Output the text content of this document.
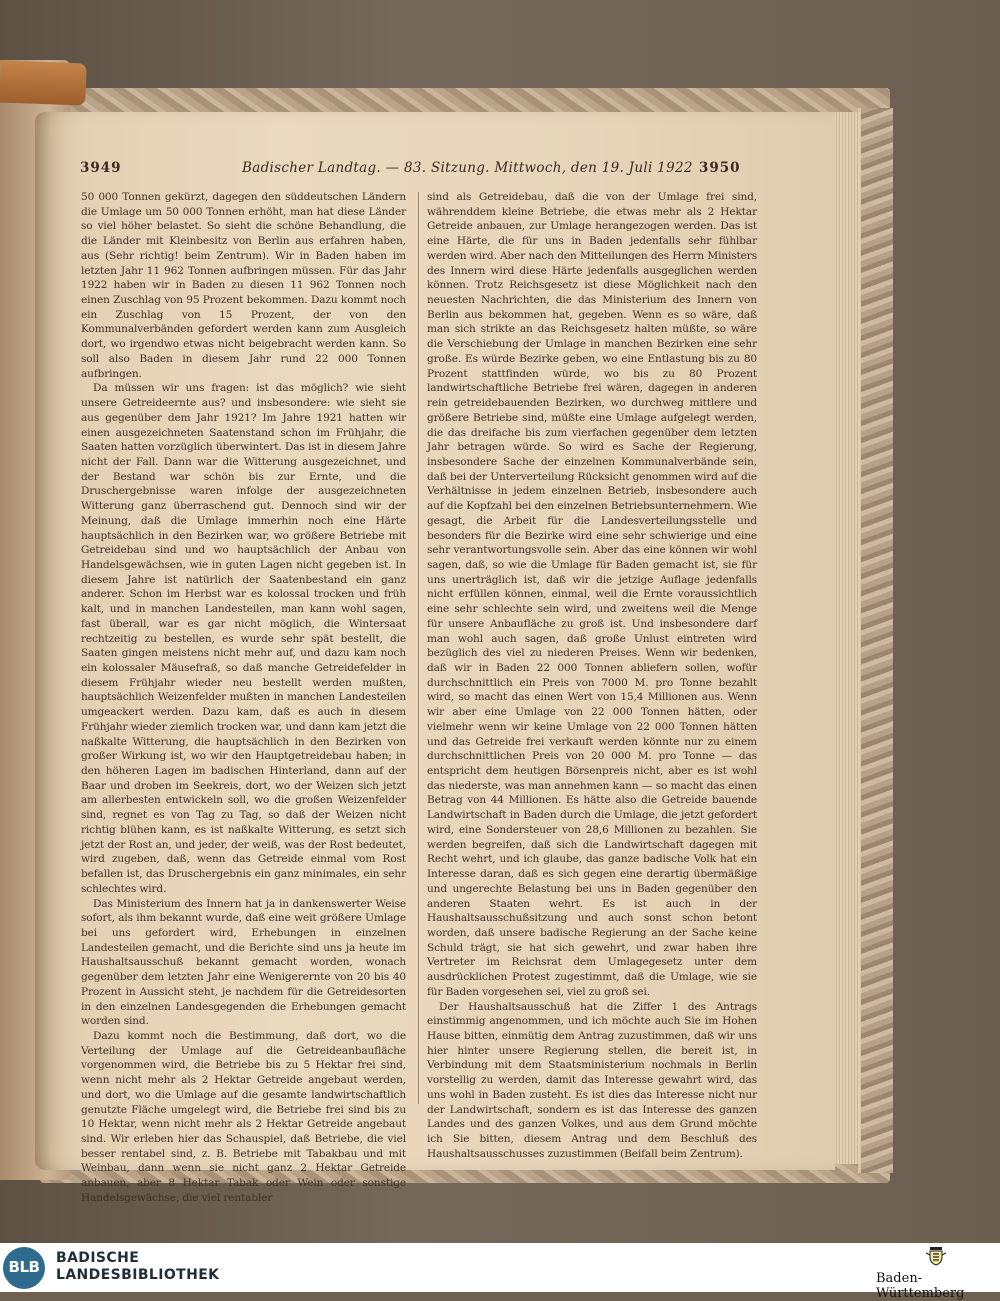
3949	Badischer Landtag. — 83. Sitzung. Mittwoch, den 19. Juli 1922 3950

50 000 Tonnen gekürzt, dagegen den süddeutschen Ländern die Umlage um 50 000 Tonnen erhöht, man hat diese Länder so viel höher belastet. So sieht die schöne Behandlung, die die Länder mit Kleinbesitz von Berlin aus erfahren haben, aus (Sehr richtig! beim Zentrum). Wir in Baden haben im letzten Jahr 11 962 Tonnen aufbringen müssen. Für das Jahr 1922 haben wir in Baden zu diesen 11 962 Tonnen noch einen Zuschlag von 95 Prozent bekommen. Dazu kommt noch ein Zuschlag von 15 Prozent, der von den Kommunalverbänden gefordert werden kann zum Ausgleich dort, wo irgendwo etwas nicht beigebracht werden kann. So soll also Baden in diesem Jahr rund 22 000 Tonnen aufbringen.

Da müssen wir uns fragen: ist das möglich? wie sieht unsere Getreideernte aus? und insbesondere: wie sieht sie aus gegenüber dem Jahr 1921? Im Jahre 1921 hatten wir einen ausgezeichneten Saatenstand schon im Frühjahr, die Saaten hatten vorzüglich überwintert. Das ist in diesem Jahre nicht der Fall. Dann war die Witterung ausgezeichnet, und der Bestand war schön bis zur Ernte, und die Druschergebnisse waren infolge der ausgezeichneten Witterung ganz überraschend gut. Dennoch sind wir der Meinung, daß die Umlage immerhin noch eine Härte hauptsächlich in den Bezirken war, wo größere Betriebe mit Getreidebau sind und wo hauptsächlich der Anbau von Handelsgewächsen, wie in guten Lagen nicht gegeben ist. In diesem Jahre ist natürlich der Saatenbestand ein ganz anderer. Schon im Herbst war es kolossal trocken und früh kalt, und in manchen Landesteilen, man kann wohl sagen, fast überall, war es gar nicht möglich, die Wintersaat rechtzeitig zu bestellen, es wurde sehr spät bestellt, die Saaten gingen meistens nicht mehr auf, und dazu kam noch ein kolossaler Mäusefraß, so daß manche Getreidefelder in diesem Frühjahr wieder neu bestellt werden mußten, hauptsächlich Weizenfelder mußten in manchen Landesteilen umgeackert werden. Dazu kam, daß es auch in diesem Frühjahr wieder ziemlich trocken war, und dann kam jetzt die naßkalte Witterung, die hauptsächlich in den Bezirken von großer Wirkung ist, wo wir den Hauptgetreidebau haben; in den höheren Lagen im badischen Hinterland, dann auf der Baar und droben im Seekreis, dort, wo der Weizen sich jetzt am allerbesten entwickeln soll, wo die großen Weizenfelder sind, regnet es von Tag zu Tag, so daß der Weizen nicht richtig blühen kann, es ist naßkalte Witterung, es setzt sich jetzt der Rost an, und jeder, der weiß, was der Rost bedeutet, wird zugeben, daß, wenn das Getreide einmal vom Rost befallen ist, das Druschergebnis ein ganz minimales, ein sehr schlechtes wird.

Das Ministerium des Innern hat ja in dankenswerter Weise sofort, als ihm bekannt wurde, daß eine weit größere Umlage bei uns gefordert wird, Erhebungen in einzelnen Landesteilen gemacht, und die Berichte sind uns ja heute im Haushaltsausschuß bekannt gemacht worden, wonach gegenüber dem letzten Jahr eine Wenigerernte von 20 bis 40 Prozent in Aussicht steht, je nachdem für die Getreidesorten in den einzelnen Landesgegenden die Erhebungen gemacht worden sind.

Dazu kommt noch die Bestimmung, daß dort, wo die Verteilung der Umlage auf die Getreideanbaufläche vorgenommen wird, die Betriebe bis zu 5 Hektar frei sind, wenn nicht mehr als 2 Hektar Getreide angebaut werden, und dort, wo die Umlage auf die gesamte landwirtschaftlich genutzte Fläche umgelegt wird, die Betriebe frei sind bis zu 10 Hektar, wenn nicht mehr als 2 Hektar Getreide angebaut sind. Wir erleben hier das Schauspiel, daß Betriebe, die viel besser rentabel sind, z. B. Betriebe mit Tabakbau und mit Weinbau, dann wenn sie nicht ganz 2 Hektar Getreide anbauen, aber 8 Hektar Tabak oder Wein oder sonstige Handelsgewächse, die viel rentabler

sind als Getreidebau, daß die von der Umlage frei sind, währenddem kleine Betriebe, die etwas mehr als 2 Hektar Getreide anbauen, zur Umlage herangezogen werden. Das ist eine Härte, die für uns in Baden jedenfalls sehr fühlbar werden wird. Aber nach den Mitteilungen des Herrn Ministers des Innern wird diese Härte jedenfalls ausgeglichen werden können. Trotz Reichsgesetz ist diese Möglichkeit nach den neuesten Nachrichten, die das Ministerium des Innern von Berlin aus bekommen hat, gegeben. Wenn es so wäre, daß man sich strikte an das Reichsgesetz halten müßte, so wäre die Verschiebung der Umlage in manchen Bezirken eine sehr große. Es würde Bezirke geben, wo eine Entlastung bis zu 80 Prozent stattfinden würde, wo bis zu 80 Prozent landwirtschaftliche Betriebe frei wären, dagegen in anderen rein getreidebauenden Bezirken, wo durchweg mittlere und größere Betriebe sind, müßte eine Umlage aufgelegt werden, die das dreifache bis zum vierfachen gegenüber dem letzten Jahr betragen würde. So wird es Sache der Regierung, insbesondere Sache der einzelnen Kommunalverbände sein, daß bei der Unterverteilung Rücksicht genommen wird auf die Verhältnisse in jedem einzelnen Betrieb, insbesondere auch auf die Kopfzahl bei den einzelnen Betriebsunternehmern. Wie gesagt, die Arbeit für die Landesverteilungsstelle und besonders für die Bezirke wird eine sehr schwierige und eine sehr verantwortungsvolle sein. Aber das eine können wir wohl sagen, daß, so wie die Umlage für Baden gemacht ist, sie für uns unerträglich ist, daß wir die jetzige Auflage jedenfalls nicht erfüllen können, einmal, weil die Ernte voraussichtlich eine sehr schlechte sein wird, und zweitens weil die Menge für unsere Anbaufläche zu groß ist. Und insbesondere darf man wohl auch sagen, daß große Unlust eintreten wird bezüglich des viel zu niederen Preises. Wenn wir bedenken, daß wir in Baden 22 000 Tonnen abliefern sollen, wofür durchschnittlich ein Preis von 7000 M. pro Tonne bezahlt wird, so macht das einen Wert von 15,4 Millionen aus. Wenn wir aber eine Umlage von 22 000 Tonnen hätten, oder vielmehr wenn wir keine Umlage von 22 000 Tonnen hätten und das Getreide frei verkauft werden könnte nur zu einem durchschnittlichen Preis von 20 000 M. pro Tonne — das entspricht dem heutigen Börsenpreis nicht, aber es ist wohl das niederste, was man annehmen kann — so macht das einen Betrag von 44 Millionen. Es hätte also die Getreide bauende Landwirtschaft in Baden durch die Umlage, die jetzt gefordert wird, eine Sondersteuer von 28,6 Millionen zu bezahlen. Sie werden begreifen, daß sich die Landwirtschaft dagegen mit Recht wehrt, und ich glaube, das ganze badische Volk hat ein Interesse daran, daß es sich gegen eine derartig übermäßige und ungerechte Belastung bei uns in Baden gegenüber den anderen Staaten wehrt. Es ist auch in der Haushaltsausschußsitzung und auch sonst schon betont worden, daß unsere badische Regierung an der Sache keine Schuld trägt, sie hat sich gewehrt, und zwar haben ihre Vertreter im Reichsrat dem Umlagegesetz unter dem ausdrücklichen Protest zugestimmt, daß die Umlage, wie sie für Baden vorgesehen sei, viel zu groß sei.

Der Haushaltsausschuß hat die Ziffer 1 des Antrags einstimmig angenommen, und ich möchte auch Sie im Hohen Hause bitten, einmütig dem Antrag zuzustimmen, daß wir uns hier hinter unsere Regierung stellen, die bereit ist, in Verbindung mit dem Staatsministerium nochmals in Berlin vorstellig zu werden, damit das Interesse gewahrt wird, das uns wohl in Baden zusteht. Es ist dies das Interesse nicht nur der Landwirtschaft, sondern es ist das Interesse des ganzen Landes und des ganzen Volkes, und aus dem Grund möchte ich Sie bitten, diesem Antrag und dem Beschluß des Haushaltsausschusses zuzustimmen (Beifall beim Zentrum).

BLB	BADISCHE
LANDESBIBLIOTHEK	Baden-Württemberg
